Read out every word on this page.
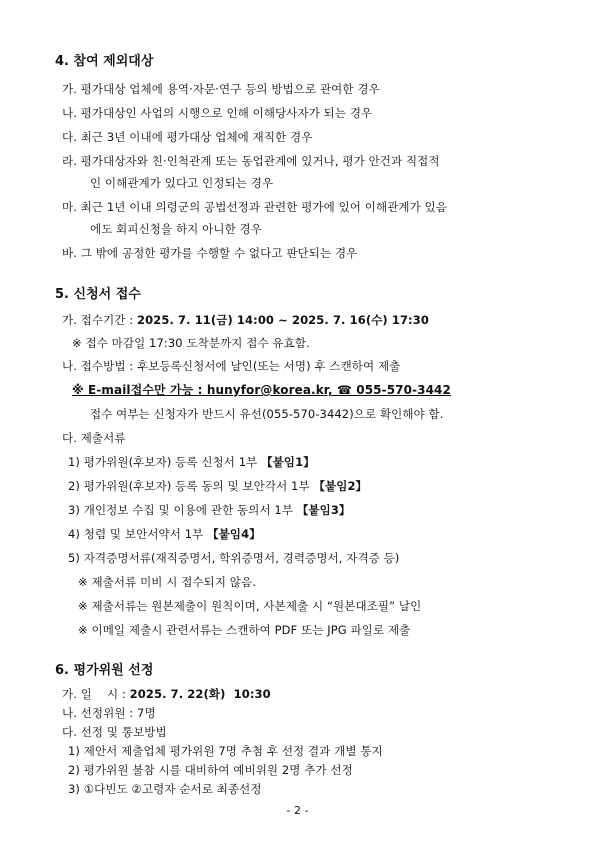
4. 참여 제외대상
가. 평가대상 업체에 용역·자문·연구 등의 방법으로 관여한 경우
나. 평가대상인 사업의 시행으로 인해 이해당사자가 되는 경우
다. 최근 3년 이내에 평가대상 업체에 재직한 경우
라. 평가대상자와 친·인척관계 또는 동업관계에 있거나, 평가 안건과 직접적
인 이해관계가 있다고 인정되는 경우
마. 최근 1년 이내 의령군의 공법선정과 관련한 평가에 있어 이해관계가 있음
에도 회피신청을 하지 아니한 경우
바. 그 밖에 공정한 평가를 수행할 수 없다고 판단되는 경우
5. 신청서 접수
가. 접수기간 : 2025. 7. 11(금) 14:00 ~ 2025. 7. 16(수) 17:30
※ 접수 마감일 17:30 도착분까지 접수 유효함.
나. 접수방법 : 후보등록신청서에 날인(또는 서명) 후 스캔하여 제출
※ E-mail접수만 가능 : hunyfor@korea.kr, ☎ 055-570-3442
접수 여부는 신청자가 반드시 유선(055-570-3442)으로 확인해야 함.
다. 제출서류
1) 평가위원(후보자) 등록 신청서 1부 【붙임1】
2) 평가위원(후보자) 등록 동의 및 보안각서 1부 【붙임2】
3) 개인정보 수집 및 이용에 관한 동의서 1부 【붙임3】
4) 청렴 및 보안서약서 1부 【붙임4】
5) 자격증명서류(재직증명서, 학위증명서, 경력증명서, 자격증 등)
※ 제출서류 미비 시 접수되지 않음.
※ 제출서류는 원본제출이 원칙이며, 사본제출 시 “원본대조필” 날인
※ 이메일 제출시 관련서류는 스캔하여 PDF 또는 JPG 파일로 제출
6. 평가위원 선정
가. 일    시 : 2025. 7. 22(화)  10:30
나. 선정위원 : 7명
다. 선정 및 통보방법
1) 제안서 제출업체 평가위원 7명 추첨 후 선정 결과 개별 통지
2) 평가위원 불참 시를 대비하여 예비위원 2명 추가 선정
3) ①다빈도 ②고령자 순서로 최종선정
- 2 -
